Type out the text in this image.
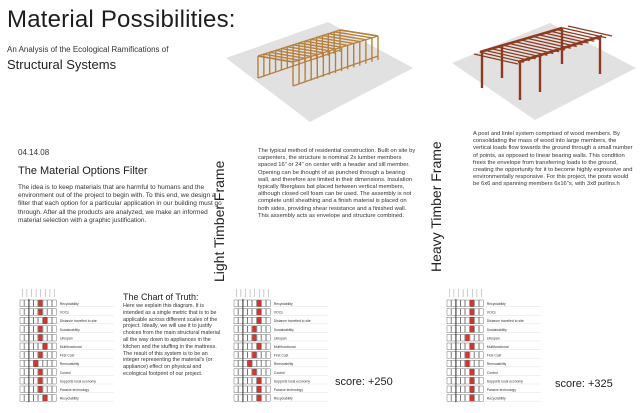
Material Possibilities:
An Analysis of the Ecological Ramifications of
Structural Systems
04.14.08
The Material Options Filter
The idea is to keep materials that are harmful to humans and the environment out of the project to begin with. To this end, we design a filter that each option for a particular application in our building must go through. After all the products are analyzed, we make an informed material selection with a graphic justification.	Light Timber Frame
The typical method of residential construction. Built on site by carpenters, the structure is nominal 2x lumber members spaced 16" or 24" on center with a header and sill member. Opening can be thought of as punched through a bearing wall, and therefore are limited in their dimensions. Insulation typically fiberglass bat placed between vertical members, although closed cell foam can be used. The assembly is not complete until sheathing and a finish material is placed on both sides, providing shear resistance and a finished wall. This assembly acts as envelope and structure combined.	Heavy Timber Frame
A post and lintel system comprised of wood members. By consolidating the mass of wood into large members, the vertical loads flow towards the ground through a small number of points, as opposed to linear bearing walls. This condition frees the envelope from transferring loads to the ground, creating the opportunity for it to become highly expressive and environmentally responsive. For this project, the posts would be 6x6 and spanning members 6x16"s, with 3x8 purlins.h
The Chart of Truth:
Here we explain this diagram. It is intended as a single metric that is to be applicable across different scales of the project. Ideally, we will use it to justify choices from the main structural material all the way down to appliances in the kitchen and the stuffing in the mattress. The result of this system is to be an integer representing the material's (or appliance) effect on physical and ecological footprint of our project.
Recyclability
VOCs
Distance travelled to site
Sustainability
Lifespan
Multifunctional
First Cost
Removability
Control
Supports local economy
Passive technology
Recyclability
Recyclability
VOCs
Distance travelled to site
Sustainability
Lifespan
Multifunctional
First Cost
Removability
Control
Supports local economy
Passive technology
Recyclability
Recyclability
VOCs
Distance travelled to site
Sustainability
Lifespan
Multifunctional
First Cost
Removability
Control
Supports local economy
Passive technology
Recyclability
score: +250	score: +325
